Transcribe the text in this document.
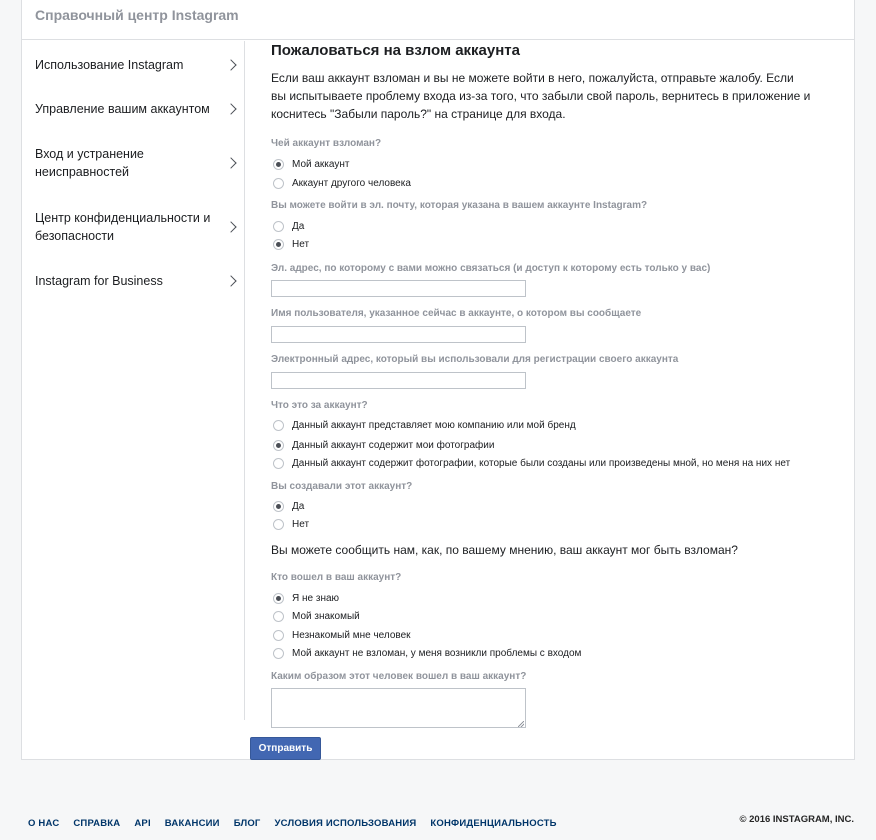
Справочный центр Instagram
Использование Instagram
Управление вашим аккаунтом
Вход и устранение неисправностей
Центр конфиденциальности и безопасности
Instagram for Business
Пожаловаться на взлом аккаунта

Если ваш аккаунт взломан и вы не можете войти в него, пожалуйста, отправьте жалобу. Если вы испытываете проблему входа из-за того, что забыли свой пароль, вернитесь в приложение и коснитесь "Забыли пароль?" на странице для входа.

Чей аккаунт взломан?
Мой аккаунт
Аккаунт другого человека
Вы можете войти в эл. почту, которая указана в вашем аккаунте Instagram?
Да
Нет
Эл. адрес, по которому с вами можно связаться (и доступ к которому есть только у вас)
Имя пользователя, указанное сейчас в аккаунте, о котором вы сообщаете
Электронный адрес, который вы использовали для регистрации своего аккаунта
Что это за аккаунт?
Данный аккаунт представляет мою компанию или мой бренд
Данный аккаунт содержит мои фотографии
Данный аккаунт содержит фотографии, которые были созданы или произведены мной, но меня на них нет
Вы создавали этот аккаунт?
Да
Нет
Вы можете сообщить нам, как, по вашему мнению, ваш аккаунт мог быть взломан?
Кто вошел в ваш аккаунт?
Я не знаю
Мой знакомый
Незнакомый мне человек
Мой аккаунт не взломан, у меня возникли проблемы с входом
Каким образом этот человек вошел в ваш аккаунт?
Отправить
О НАС СПРАВКА API ВАКАНСИИ БЛОГ УСЛОВИЯ ИСПОЛЬЗОВАНИЯ КОНФИДЕНЦИАЛЬНОСТЬ	© 2016 INSTAGRAM, INC.
